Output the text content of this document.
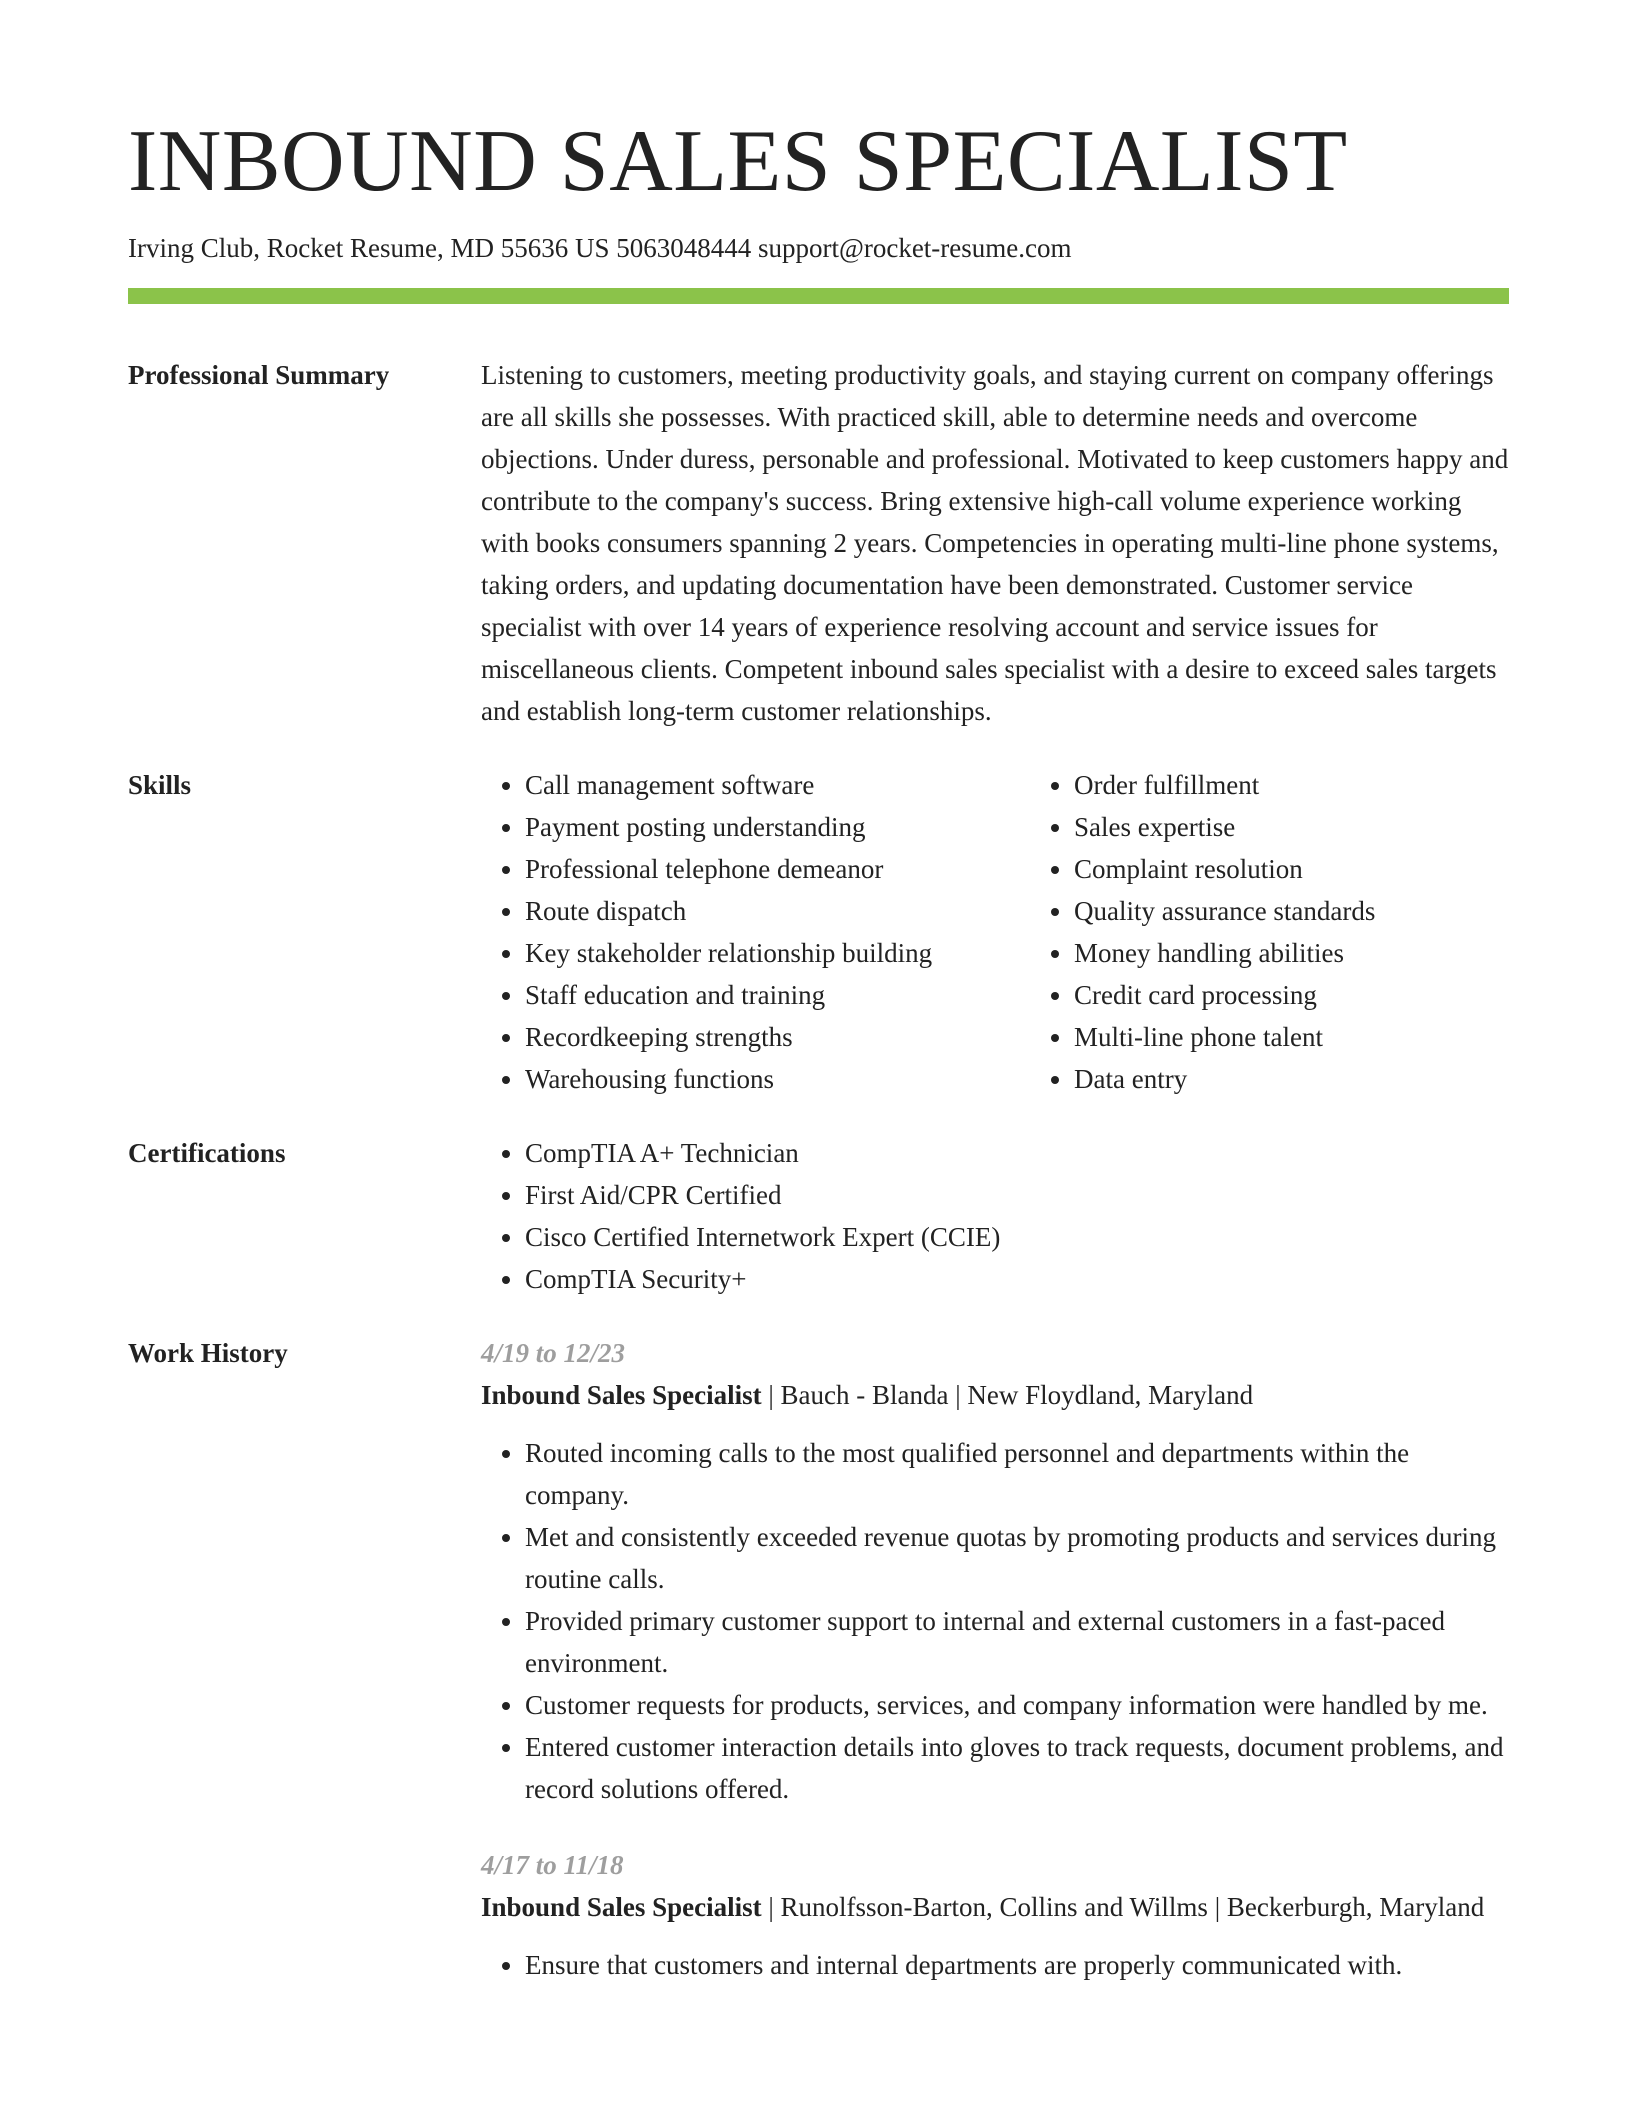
INBOUND SALES SPECIALIST
Irving Club, Rocket Resume, MD 55636 US 5063048444 support@rocket-resume.com
Professional Summary	Listening to customers, meeting productivity goals, and staying current on company offerings are all skills she possesses. With practiced skill, able to determine needs and overcome objections. Under duress, personable and professional. Motivated to keep customers happy and contribute to the company's success. Bring extensive high-call volume experience working with books consumers spanning 2 years. Competencies in operating multi-line phone systems, taking orders, and updating documentation have been demonstrated. Customer service specialist with over 14 years of experience resolving account and service issues for miscellaneous clients. Competent inbound sales specialist with a desire to exceed sales targets and establish long-term customer relationships.

Skills	• Call management software
• Payment posting understanding
• Professional telephone demeanor
• Route dispatch
• Key stakeholder relationship building
• Staff education and training
• Recordkeeping strengths
• Warehousing functions
• Order fulfillment
• Sales expertise
• Complaint resolution
• Quality assurance standards
• Money handling abilities
• Credit card processing
• Multi-line phone talent
• Data entry
Certifications	• CompTIA A+ Technician
• First Aid/CPR Certified
• Cisco Certified Internetwork Expert (CCIE)
• CompTIA Security+
Work History	4/19 to 12/23
Inbound Sales Specialist | Bauch - Blanda | New Floydland, Maryland
• Routed incoming calls to the most qualified personnel and departments within the company.
• Met and consistently exceeded revenue quotas by promoting products and services during routine calls.
• Provided primary customer support to internal and external customers in a fast-paced environment.
• Customer requests for products, services, and company information were handled by me.
• Entered customer interaction details into gloves to track requests, document problems, and record solutions offered.
4/17 to 11/18
Inbound Sales Specialist | Runolfsson-Barton, Collins and Willms | Beckerburgh, Maryland
• Ensure that customers and internal departments are properly communicated with.
